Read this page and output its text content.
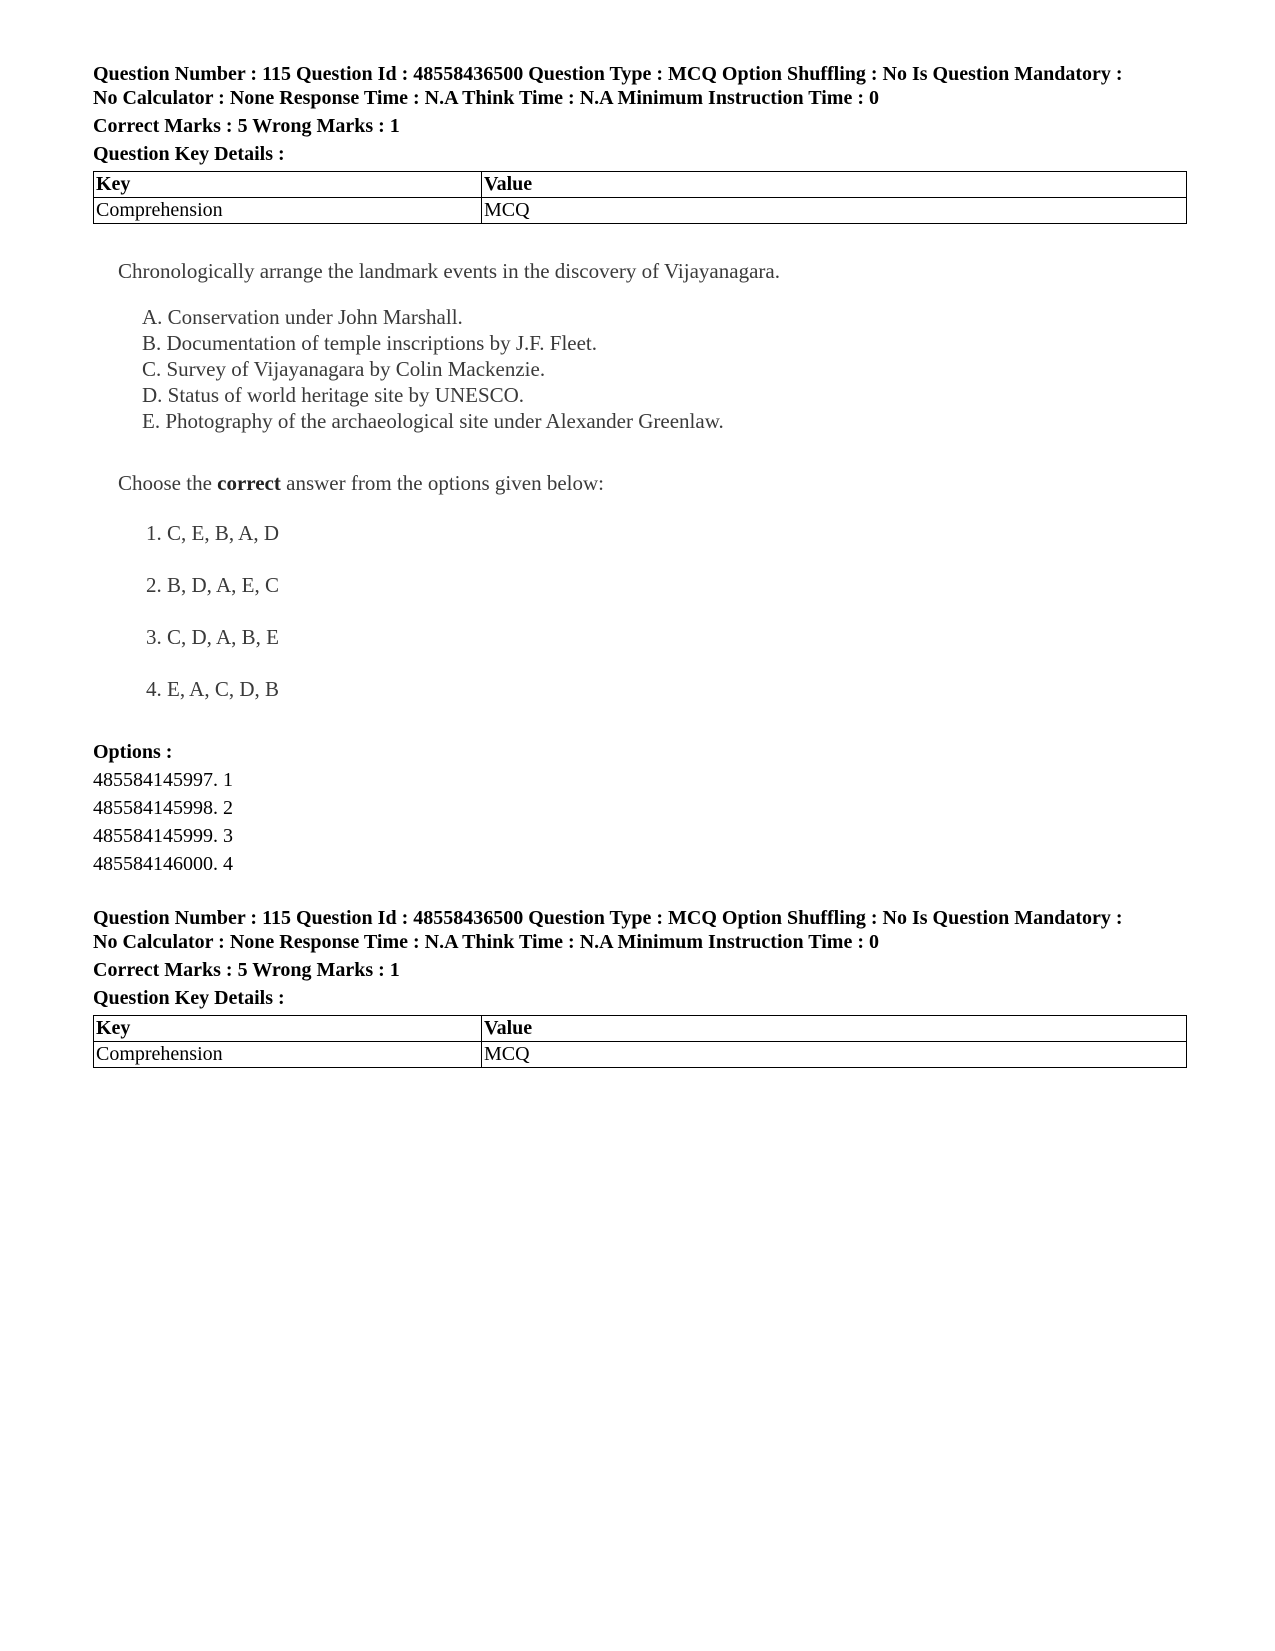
Question Number : 115 Question Id : 48558436500 Question Type : MCQ Option Shuffling : No Is Question Mandatory :

No Calculator : None Response Time : N.A Think Time : N.A Minimum Instruction Time : 0

Correct Marks : 5 Wrong Marks : 1
Question Key Details :
Key	Value
Comprehension	MCQ
Chronologically arrange the landmark events in the discovery of Vijayanagara.
A. Conservation under John Marshall.
B. Documentation of temple inscriptions by J.F. Fleet.
C. Survey of Vijayanagara by Colin Mackenzie.
D. Status of world heritage site by UNESCO.
E. Photography of the archaeological site under Alexander Greenlaw.
Choose the correct answer from the options given below:
1. C, E, B, A, D
2. B, D, A, E, C
3. C, D, A, B, E
4. E, A, C, D, B
Options :
485584145997. 1
485584145998. 2
485584145999. 3
485584146000. 4

Question Number : 115 Question Id : 48558436500 Question Type : MCQ Option Shuffling : No Is Question Mandatory :

No Calculator : None Response Time : N.A Think Time : N.A Minimum Instruction Time : 0

Correct Marks : 5 Wrong Marks : 1
Question Key Details :
Key	Value
Comprehension	MCQ
